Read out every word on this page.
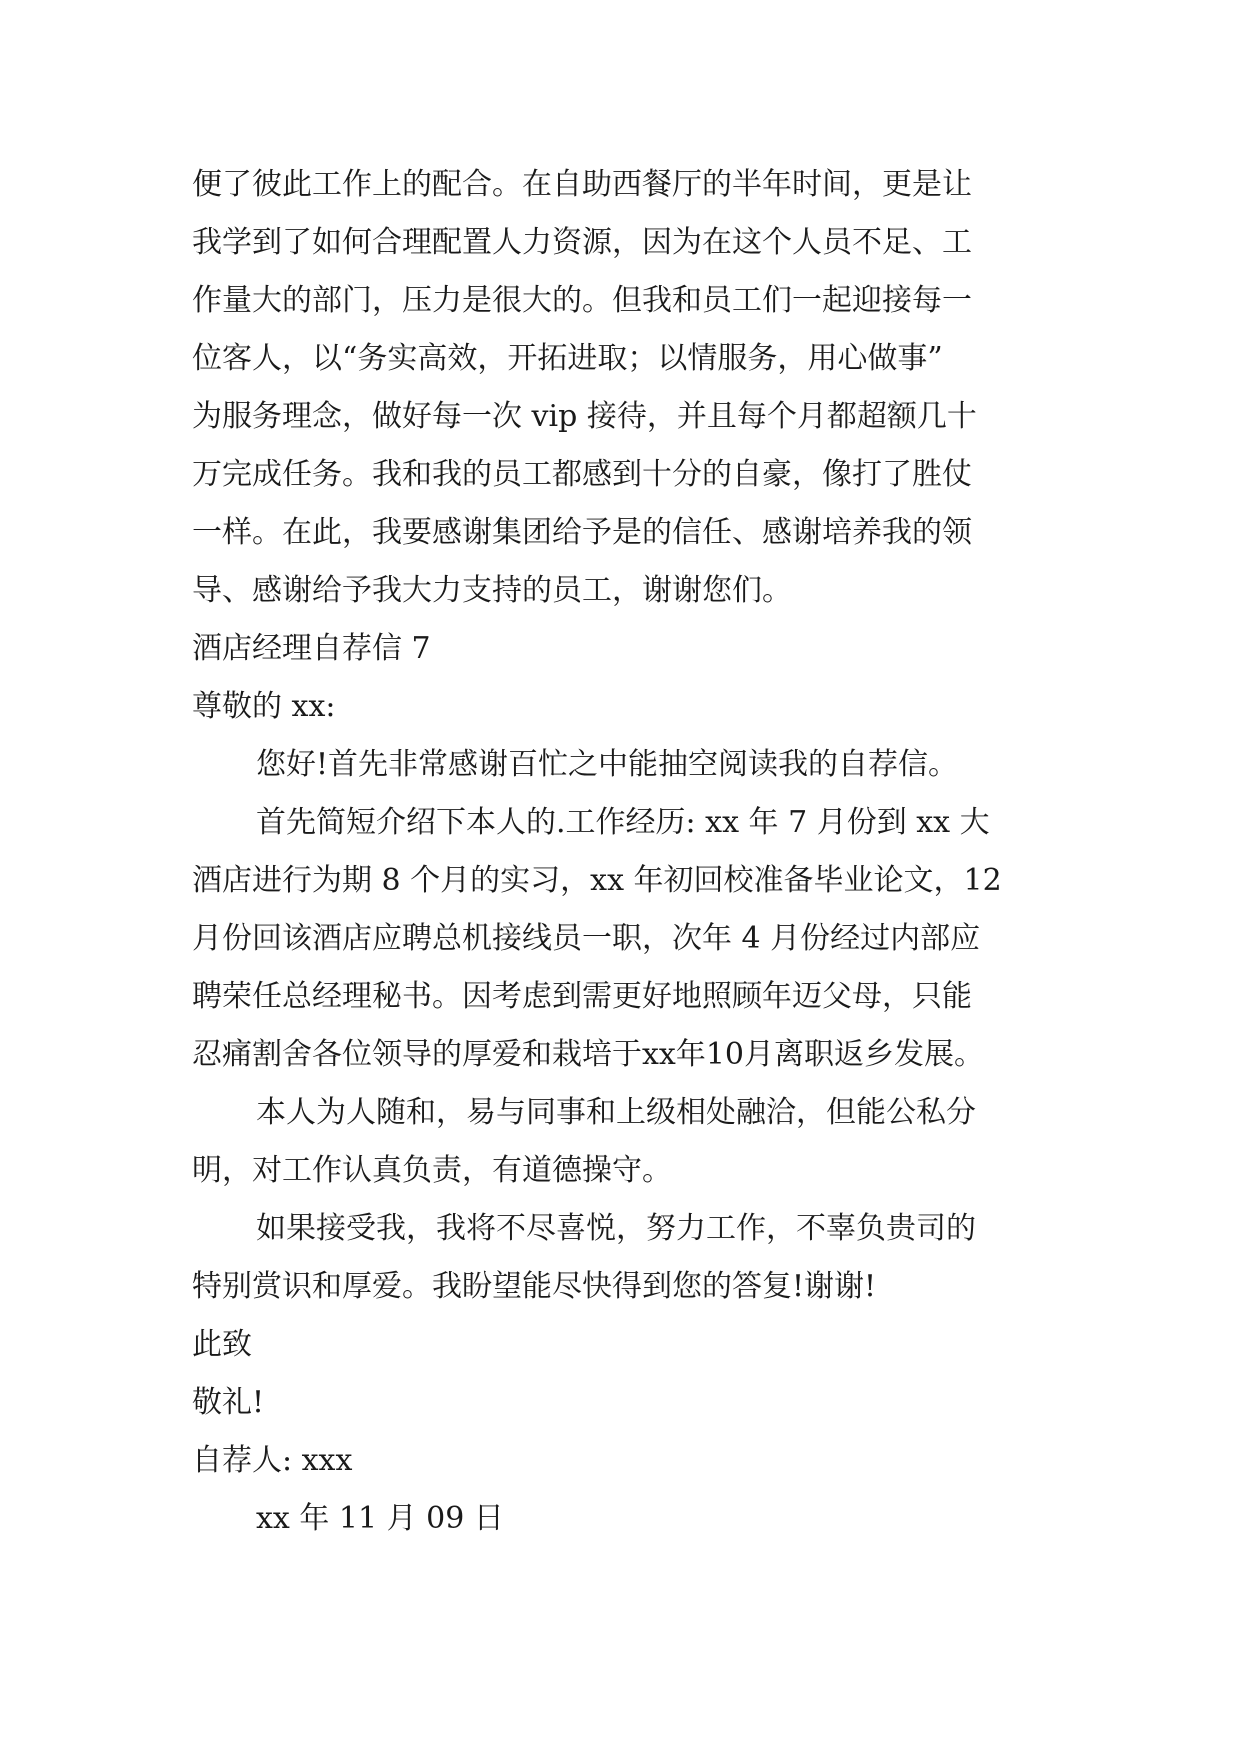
便了彼此工作上的配合。在自助西餐厅的半年时间，更是让
我学到了如何合理配置人力资源，因为在这个人员不足、工
作量大的部门，压力是很大的。但我和员工们一起迎接每一
位客人，以“务实高效，开拓进取；以情服务，用心做事”
为服务理念，做好每一次 vip 接待，并且每个月都超额几十
万完成任务。我和我的员工都感到十分的自豪，像打了胜仗
一样。在此，我要感谢集团给予是的信任、感谢培养我的领
导、感谢给予我大力支持的员工，谢谢您们。
酒店经理自荐信 7
尊敬的 xx:
您好!首先非常感谢百忙之中能抽空阅读我的自荐信。
首先简短介绍下本人的.工作经历: xx 年 7 月份到 xx 大
酒店进行为期 8 个月的实习，xx 年初回校准备毕业论文，12
月份回该酒店应聘总机接线员一职，次年 4 月份经过内部应
聘荣任总经理秘书。因考虑到需更好地照顾年迈父母，只能
忍痛割舍各位领导的厚爱和栽培于xx年10月离职返乡发展。
本人为人随和，易与同事和上级相处融洽，但能公私分
明，对工作认真负责，有道德操守。
如果接受我，我将不尽喜悦，努力工作，不辜负贵司的
特别赏识和厚爱。我盼望能尽快得到您的答复!谢谢!
此致
敬礼!
自荐人: xxx
xx 年 11 月 09 日
